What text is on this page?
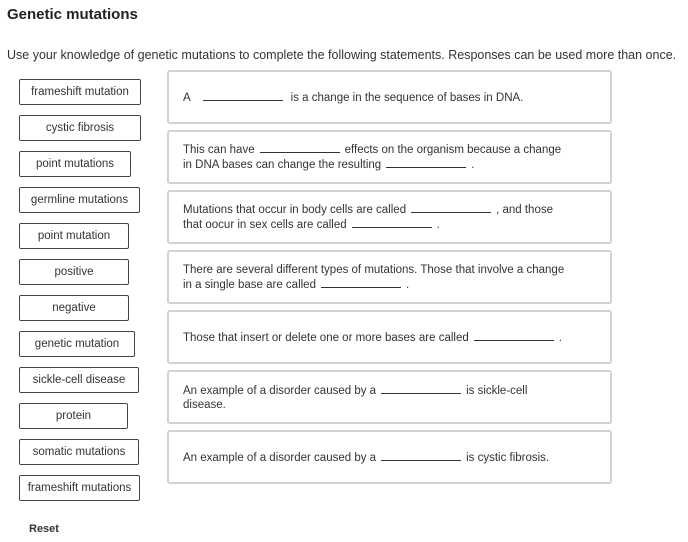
Genetic mutations
Use your knowledge of genetic mutations to complete the following statements. Responses can be used more than once.
frameshift mutation
cystic fibrosis
point mutations
germline mutations
point mutation
positive
negative
genetic mutation
sickle-cell disease
protein
somatic mutations
frameshift mutations
A	is a change in the sequence of bases in DNA.
This can have	effects on the organism because a change
in DNA bases can change the resulting	.
Mutations that occur in body cells are called	, and those
that oocur in sex cells are called	.
There are several different types of mutations. Those that involve a change
in a single base are called	.
Those that insert or delete one or more bases are called	.
An example of a disorder caused by a	is sickle-cell
disease.
An example of a disorder caused by a	is cystic fibrosis.
Reset
